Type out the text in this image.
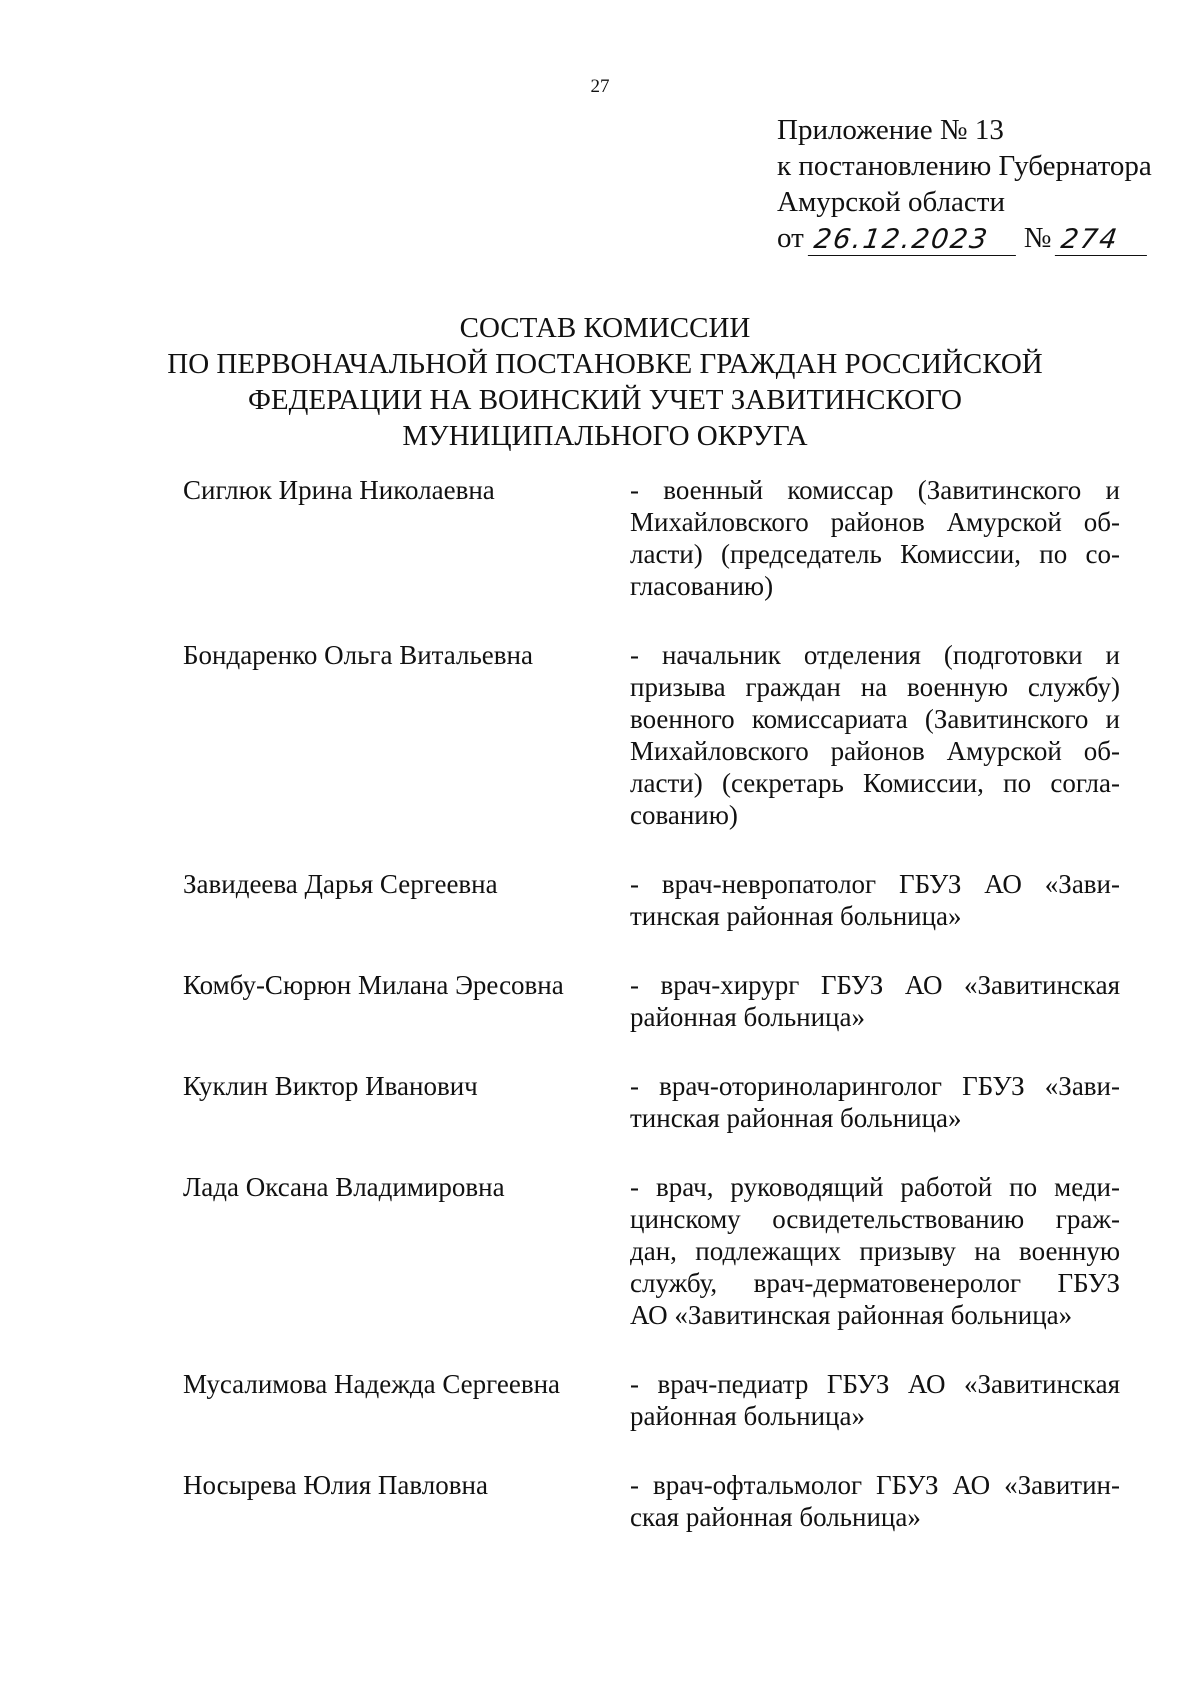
27
Приложение № 13
к постановлению Губернатора
Амурской области
от 26.12.2023	№ 274
СОСТАВ КОМИССИИ
ПО ПЕРВОНАЧАЛЬНОЙ ПОСТАНОВКЕ ГРАЖДАН РОССИЙСКОЙ
ФЕДЕРАЦИИ НА ВОИНСКИЙ УЧЕТ ЗАВИТИНСКОГО
МУНИЦИПАЛЬНОГО ОКРУГА
Сиглюк Ирина Николаевна	- военный комиссар (Завитинского и
Михайловского районов Амурской об-
ласти) (председатель Комиссии, по со-
гласованию)
Бондаренко Ольга Витальевна	- начальник отделения (подготовки и
призыва граждан на военную службу)
военного комиссариата (Завитинского и
Михайловского районов Амурской об-
ласти) (секретарь Комиссии, по согла-
сованию)
Завидеева Дарья Сергеевна	- врач-невропатолог ГБУЗ АО «Зави-
тинская районная больница»
Комбу-Сюрюн Милана Эресовна	- врач-хирург ГБУЗ АО «Завитинская
районная больница»
Куклин Виктор Иванович	- врач-оториноларинголог ГБУЗ «Зави-
тинская районная больница»
Лада Оксана Владимировна	- врач, руководящий работой по меди-
цинскому освидетельствованию граж-
дан, подлежащих призыву на военную
службу, врач-дерматовенеролог ГБУЗ
АО «Завитинская районная больница»
Мусалимова Надежда Сергеевна	- врач-педиатр ГБУЗ АО «Завитинская
районная больница»
Носырева Юлия Павловна	- врач-офтальмолог ГБУЗ АО «Завитин-
ская районная больница»
